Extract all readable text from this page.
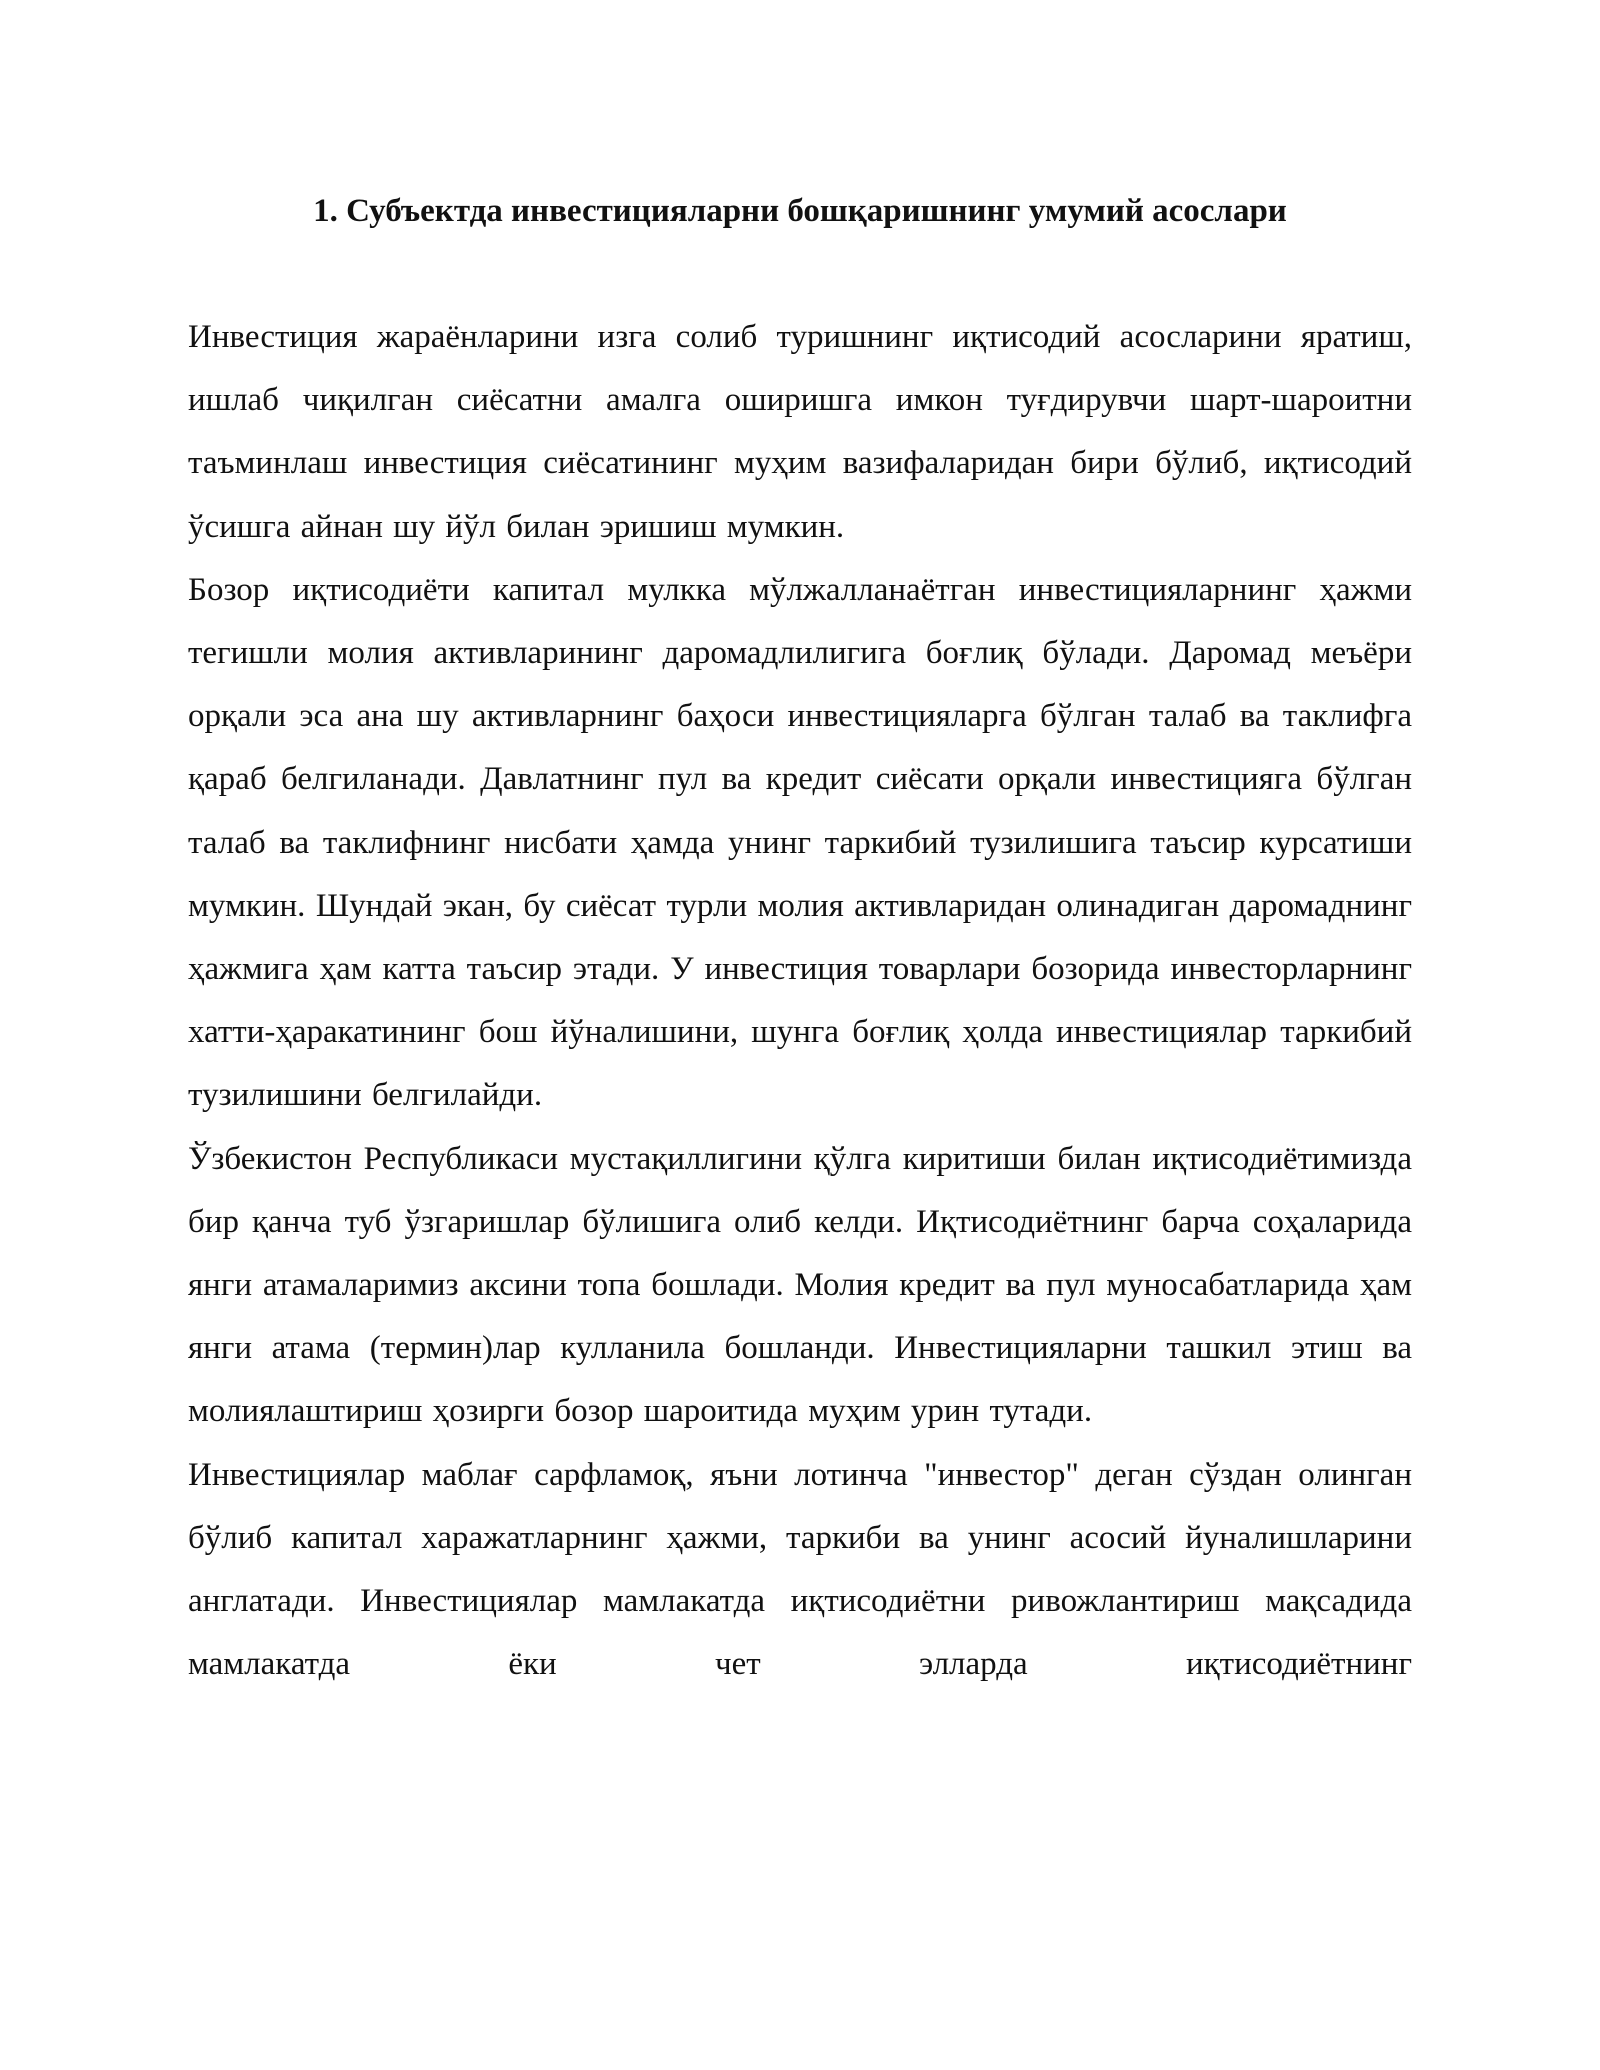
1. Субъектда инвестицияларни бошқаришнинг умумий асослари

Инвестиция жараёнларини изга солиб туришнинг иқтисодий асосларини яратиш, ишлаб чиқилган сиёсатни амалга оширишга имкон туғдирувчи шарт-шароитни таъминлаш инвестиция сиёсатининг муҳим вазифаларидан бири бўлиб, иқтисодий ўсишга айнан шу йўл билан эришиш мумкин.

Бозор иқтисодиёти капитал мулкка мўлжалланаётган инвестицияларнинг ҳажми тегишли молия активларининг даромадлилигига боғлиқ бўлади. Даромад меъёри орқали эса ана шу активларнинг баҳоси инвестицияларга бўлган талаб ва таклифга қараб белгиланади. Давлатнинг пул ва кредит сиёсати орқали инвестицияга бўлган талаб ва таклифнинг нисбати ҳамда унинг таркибий тузилишига таъсир курсатиши мумкин. Шундай экан, бу сиёсат турли молия активларидан олинадиган даромаднинг ҳажмига ҳам катта таъсир этади. У инвестиция товарлари бозорида инвесторларнинг хатти-ҳаракатининг бош йўналишини, шунга боғлиқ ҳолда инвестициялар таркибий тузилишини белгилайди.

Ўзбекистон Республикаси мустақиллигини қўлга киритиши билан иқтисодиётимизда бир қанча туб ўзгаришлар бўлишига олиб келди. Иқтисодиётнинг барча соҳаларида янги атамаларимиз аксини топа бошлади. Молия кредит ва пул муносабатларида ҳам янги атама (термин)лар кулланила бошланди. Инвестицияларни ташкил этиш ва молиялаштириш ҳозирги бозор шароитида муҳим урин тутади.

Инвестициялар маблағ сарфламоқ, яъни лотинча "инвестор" деган сўздан олинган бўлиб капитал харажатларнинг ҳажми, таркиби ва унинг асосий йуналишларини англатади. Инвестициялар мамлакатда иқтисодиётни ривожлантириш мақсадида мамлакатда ёки чет элларда иқтисодиётнинг
